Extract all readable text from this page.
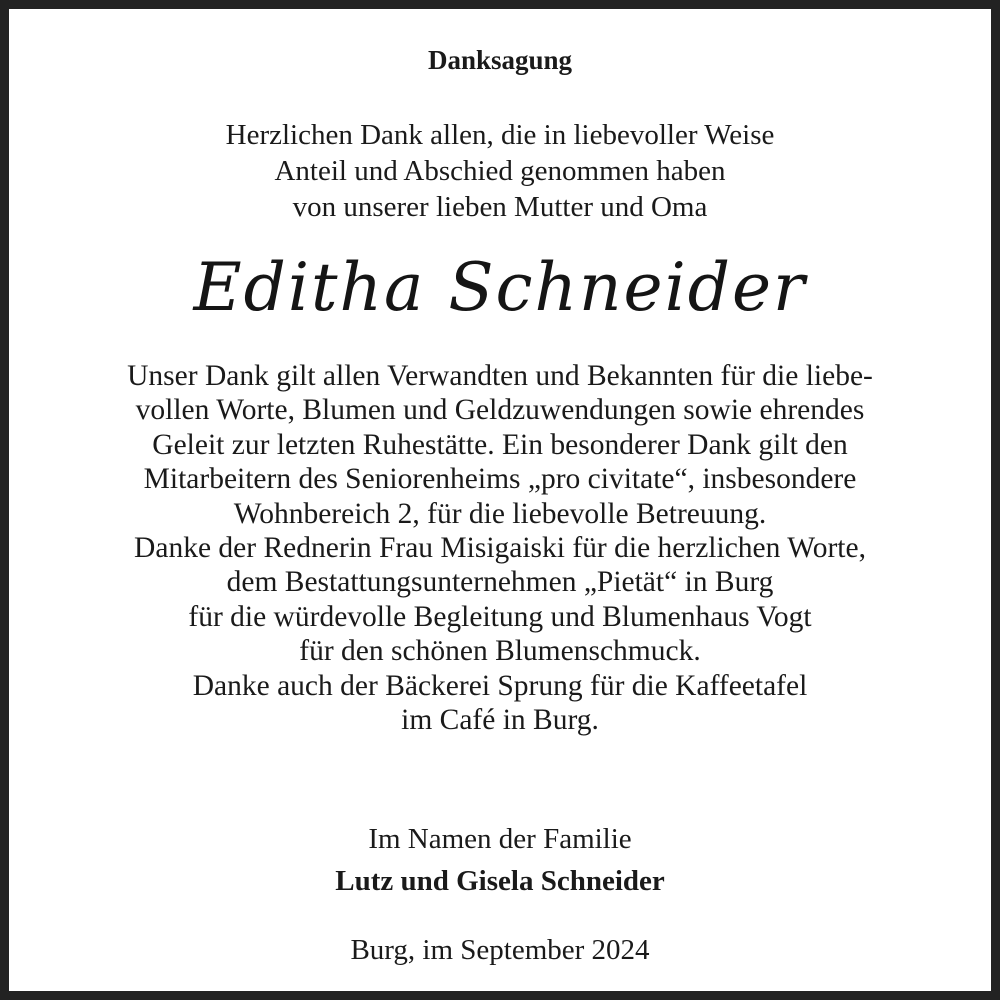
Danksagung
Herzlichen Dank allen, die in liebevoller Weise
Anteil und Abschied genommen haben
von unserer lieben Mutter und Oma
Editha Schneider
Unser Dank gilt allen Verwandten und Bekannten für die liebe-
vollen Worte, Blumen und Geldzuwendungen sowie ehrendes
Geleit zur letzten Ruhestätte. Ein besonderer Dank gilt den
Mitarbeitern des Seniorenheims „pro civitate“, insbesondere
Wohnbereich 2, für die liebevolle Betreuung.
Danke der Rednerin Frau Misigaiski für die herzlichen Worte,
dem Bestattungsunternehmen „Pietät“ in Burg
für die würdevolle Begleitung und Blumenhaus Vogt
für den schönen Blumenschmuck.
Danke auch der Bäckerei Sprung für die Kaffeetafel
im Café in Burg.
Im Namen der Familie
Lutz und Gisela Schneider
Burg, im September 2024
